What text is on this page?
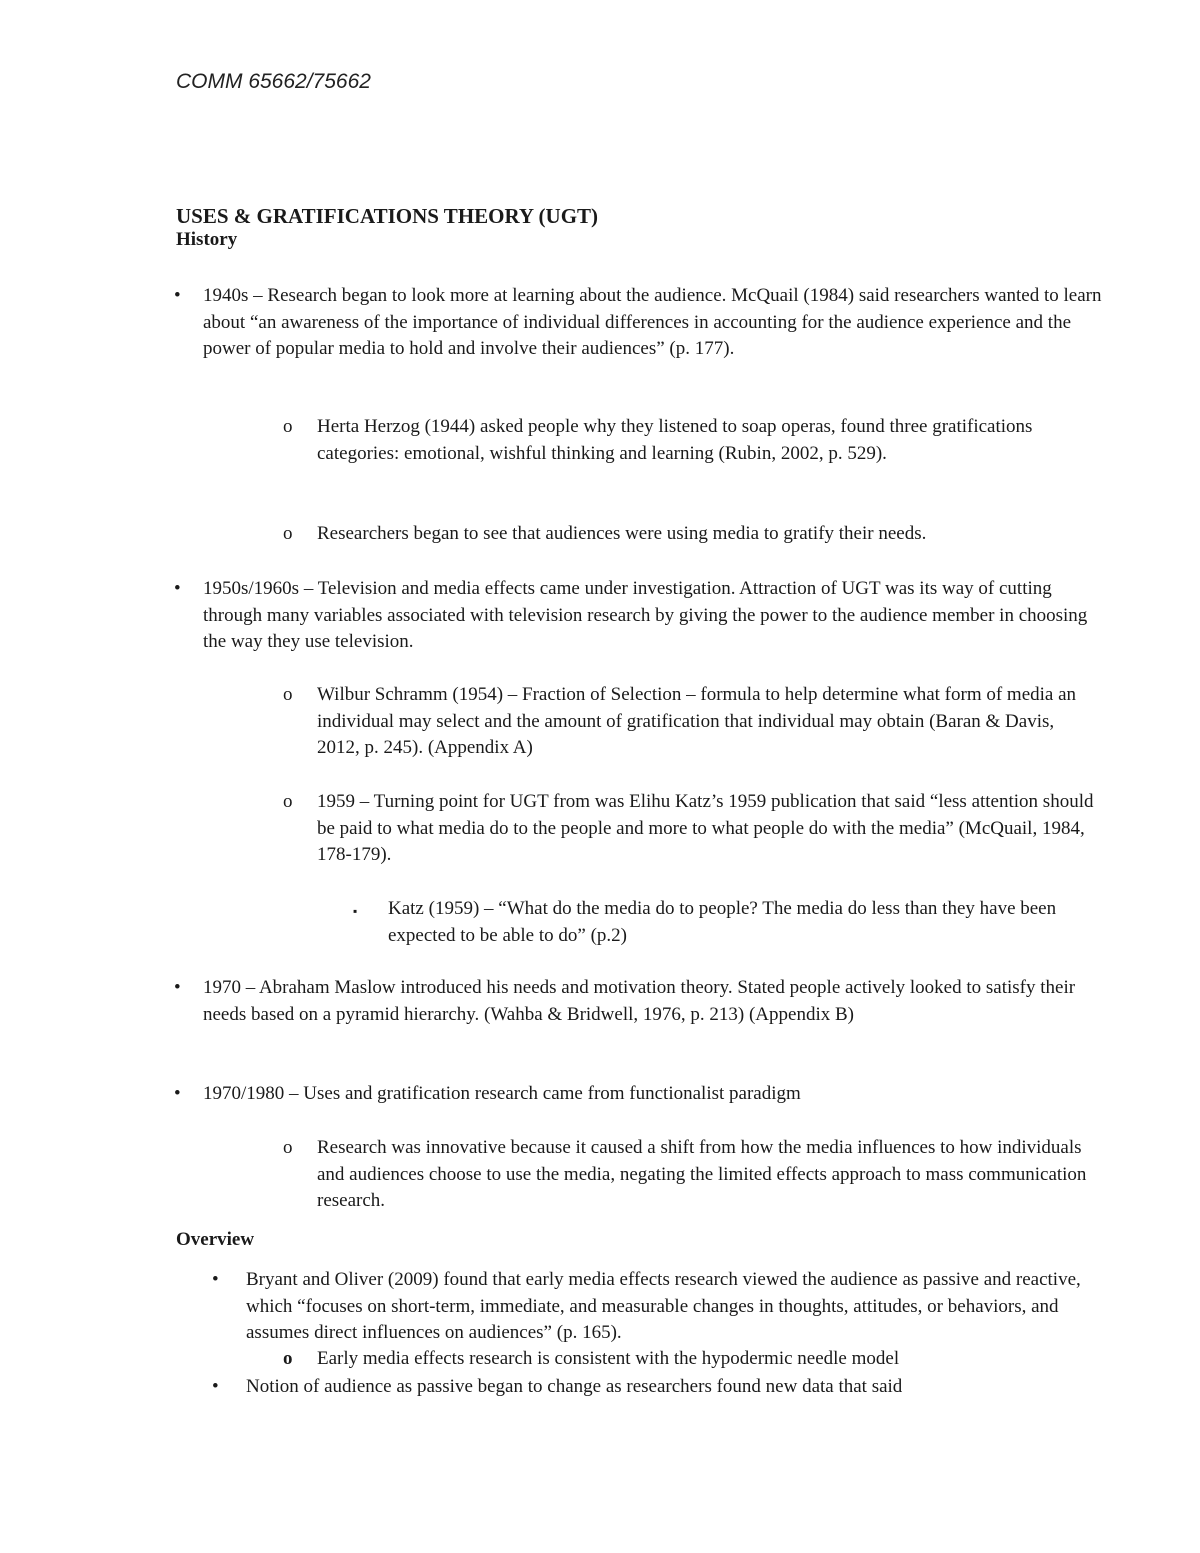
COMM 65662/75662
USES & GRATIFICATIONS THEORY (UGT)
History
• 1940s – Research began to look more at learning about the audience. McQuail (1984) said researchers wanted to learn about “an awareness of the importance of individual differences in accounting for the audience experience and the power of popular media to hold and involve their audiences” (p. 177).
o Herta Herzog (1944) asked people why they listened to soap operas, found three gratifications categories: emotional, wishful thinking and learning (Rubin, 2002, p. 529).
o Researchers began to see that audiences were using media to gratify their needs.
• 1950s/1960s – Television and media effects came under investigation. Attraction of UGT was its way of cutting through many variables associated with television research by giving the power to the audience member in choosing the way they use television.
o Wilbur Schramm (1954) – Fraction of Selection – formula to help determine what form of media an individual may select and the amount of gratification that individual may obtain (Baran & Davis, 2012, p. 245). (Appendix A)
o 1959 – Turning point for UGT from was Elihu Katz’s 1959 publication that said “less attention should be paid to what media do to the people and more to what people do with the media” (McQuail, 1984, 178-179).
▪ Katz (1959) – “What do the media do to people? The media do less than they have been expected to be able to do” (p.2)
• 1970 – Abraham Maslow introduced his needs and motivation theory. Stated people actively looked to satisfy their needs based on a pyramid hierarchy. (Wahba & Bridwell, 1976, p. 213) (Appendix B)
• 1970/1980 – Uses and gratification research came from functionalist paradigm
o Research was innovative because it caused a shift from how the media influences to how individuals and audiences choose to use the media, negating the limited effects approach to mass communication research.
Overview
• Bryant and Oliver (2009) found that early media effects research viewed the audience as passive and reactive, which “focuses on short-term, immediate, and measurable changes in thoughts, attitudes, or behaviors, and assumes direct influences on audiences” (p. 165).
o Early media effects research is consistent with the hypodermic needle model
• Notion of audience as passive began to change as researchers found new data that said
